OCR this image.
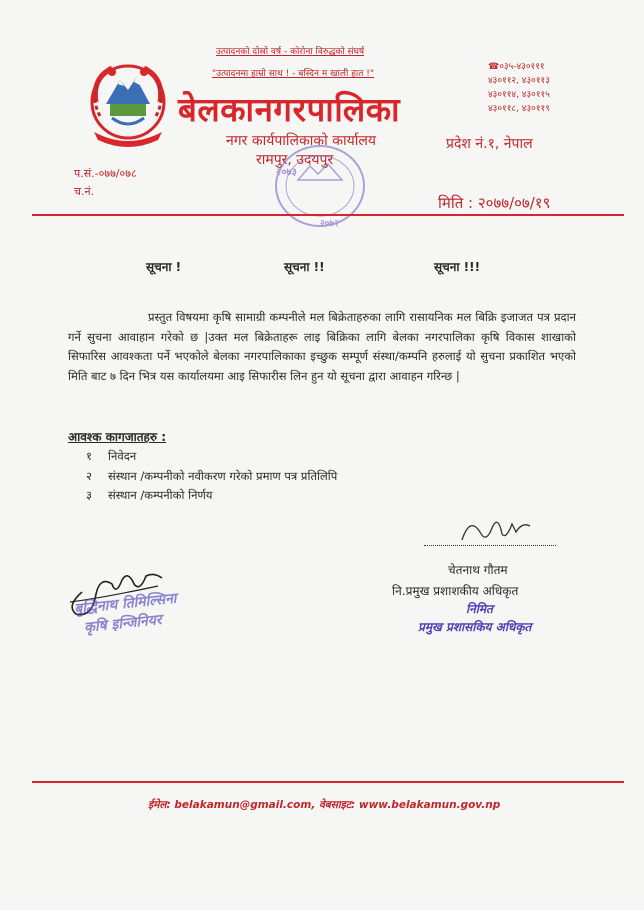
उत्पादनको दोस्रो वर्ष - कोरोना विरुद्धको संघर्ष
"उत्पादनमा हाम्रो साथ ! - बस्दिन म खाली हात !"
बेलकानगरपालिका
नगर कार्यपालिकाको कार्यालय
रामपुर, उदयपुर
☎०३५-४३०१११
४३०११२, ४३०११३
४३०११४, ४३०११५
४३०११८, ४३०११९
प्रदेश नं.१, नेपाल
प.सं.-०७७/०७८
च.नं.
२०७३
२०७२
मिति : २०७७/०७/१९
सूचना !	सूचना !!	सूचना !!!
प्रस्तुत विषयमा कृषि सामाग्री कम्पनीले मल बिक्रेताहरुका लागि रासायनिक मल बिक्रि इजाजत पत्र प्रदान गर्ने सुचना आवाहान गरेको छ |उक्त मल बिक्रेताहरू लाइ बिक्रिका लागि बेलका नगरपालिका कृषि विकास शाखाको सिफारिस आवश्कता पर्ने भएकोले बेलका नगरपालिकाका इच्छुक सम्पूर्ण संस्था/कम्पनि हरुलाई यो सुचना प्रकाशित भएको मिति बाट ७ दिन भित्र यस कार्यालयमा आइ सिफारीस लिन हुन यो सूचना द्वारा आवाहन गरिन्छ |
आवश्क कागजातहरु :
१ निवेदन
२ संस्थान /कम्पनीको नवीकरण गरेको प्रमाण पत्र प्रतिलिपि
३ संस्थान /कम्पनीको निर्णय
चेतनाथ गौतम
नि.प्रमुख प्रशाशकीय अधिकृत
निमित
प्रमुख प्रशासकिय अधिकृत
बुद्धिनाथ तिमिल्सिना
कृषि इन्जिनियर
ईमेल: belakamun@gmail.com, वेबसाइट: www.belakamun.gov.np
